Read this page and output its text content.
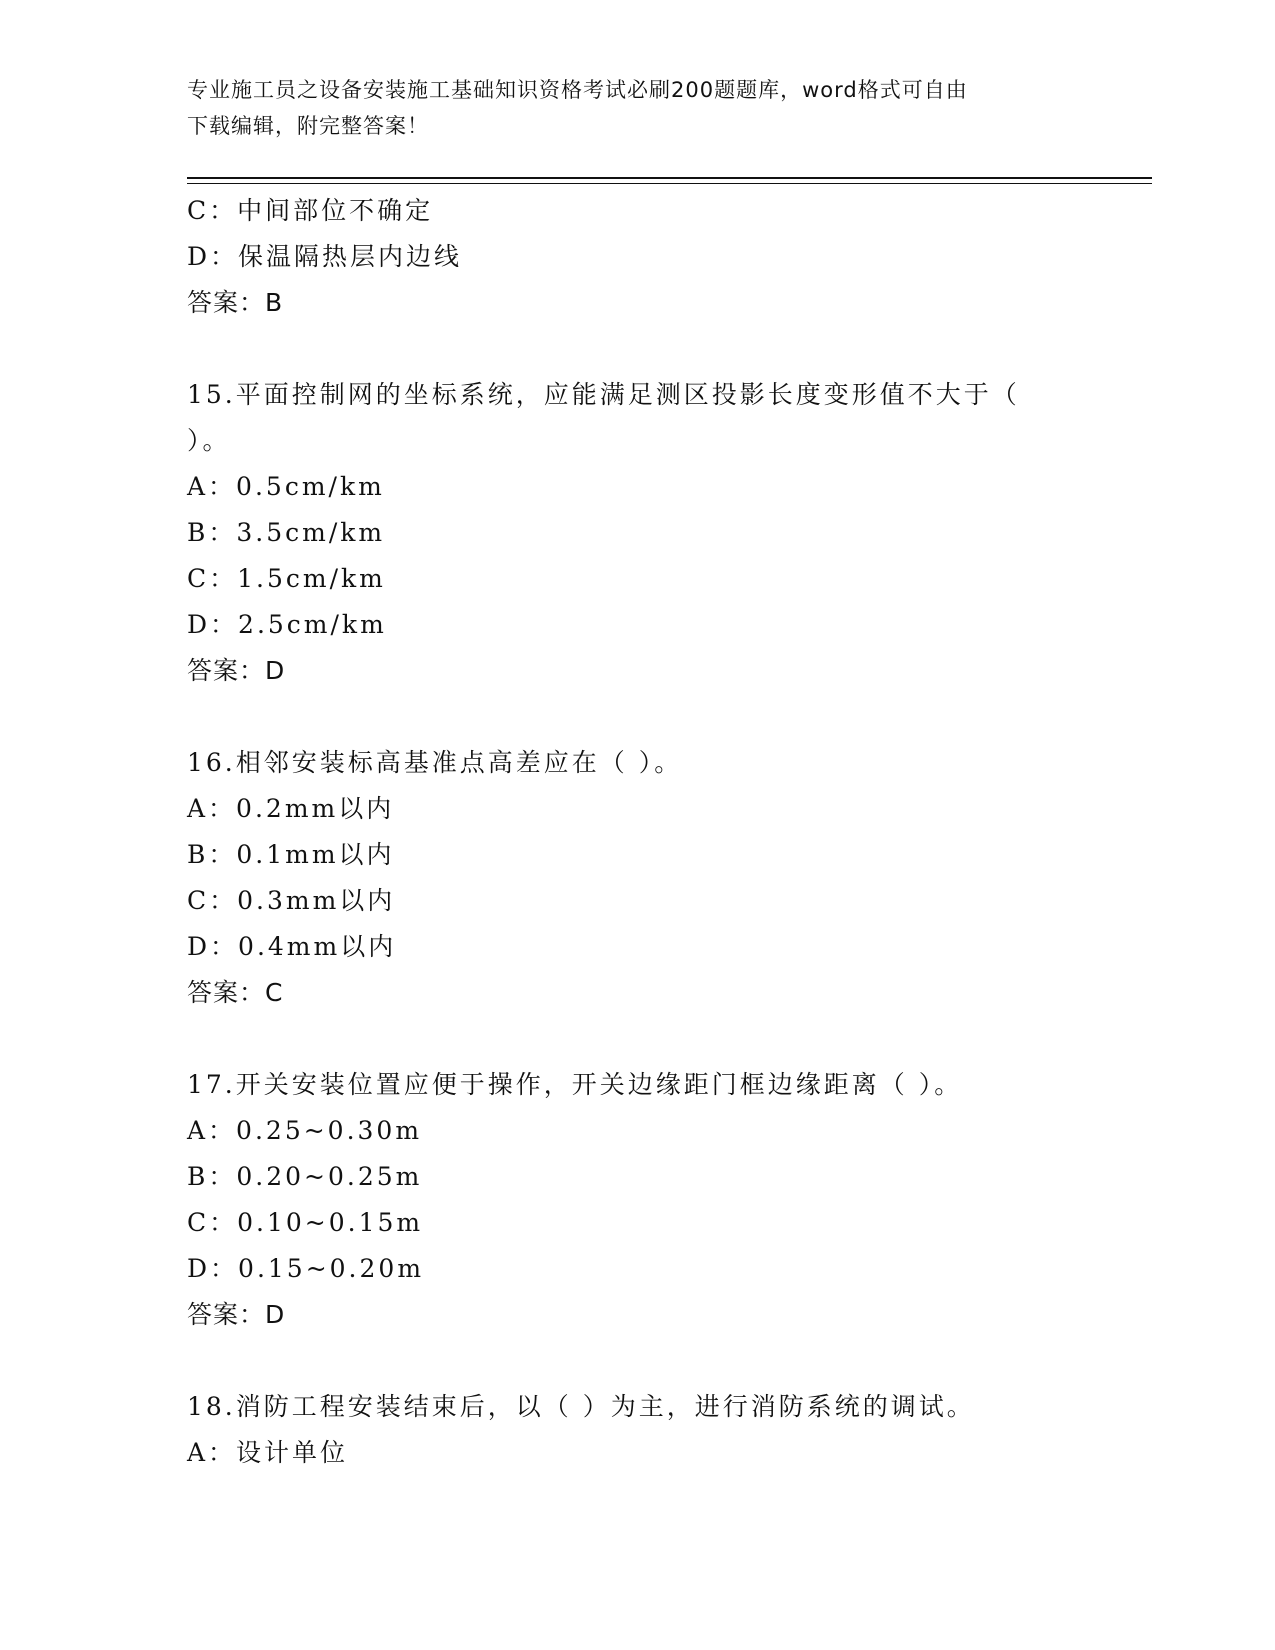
专业施工员之设备安装施工基础知识资格考试必刷200题题库，word格式可自由
下载编辑，附完整答案！
C：中间部位不确定
D：保温隔热层内边线
答案：B
15.平面控制网的坐标系统，应能满足测区投影长度变形值不大于（
）。
A：0.5cm/km
B：3.5cm/km
C：1.5cm/km
D：2.5cm/km
答案：D
16.相邻安装标高基准点高差应在（ ）。
A：0.2mm以内
B：0.1mm以内
C：0.3mm以内
D：0.4mm以内
答案：C
17.开关安装位置应便于操作，开关边缘距门框边缘距离（ ）。
A：0.25~0.30m
B：0.20~0.25m
C：0.10~0.15m
D：0.15~0.20m
答案：D
18.消防工程安装结束后，以（ ）为主，进行消防系统的调试。
A：设计单位
